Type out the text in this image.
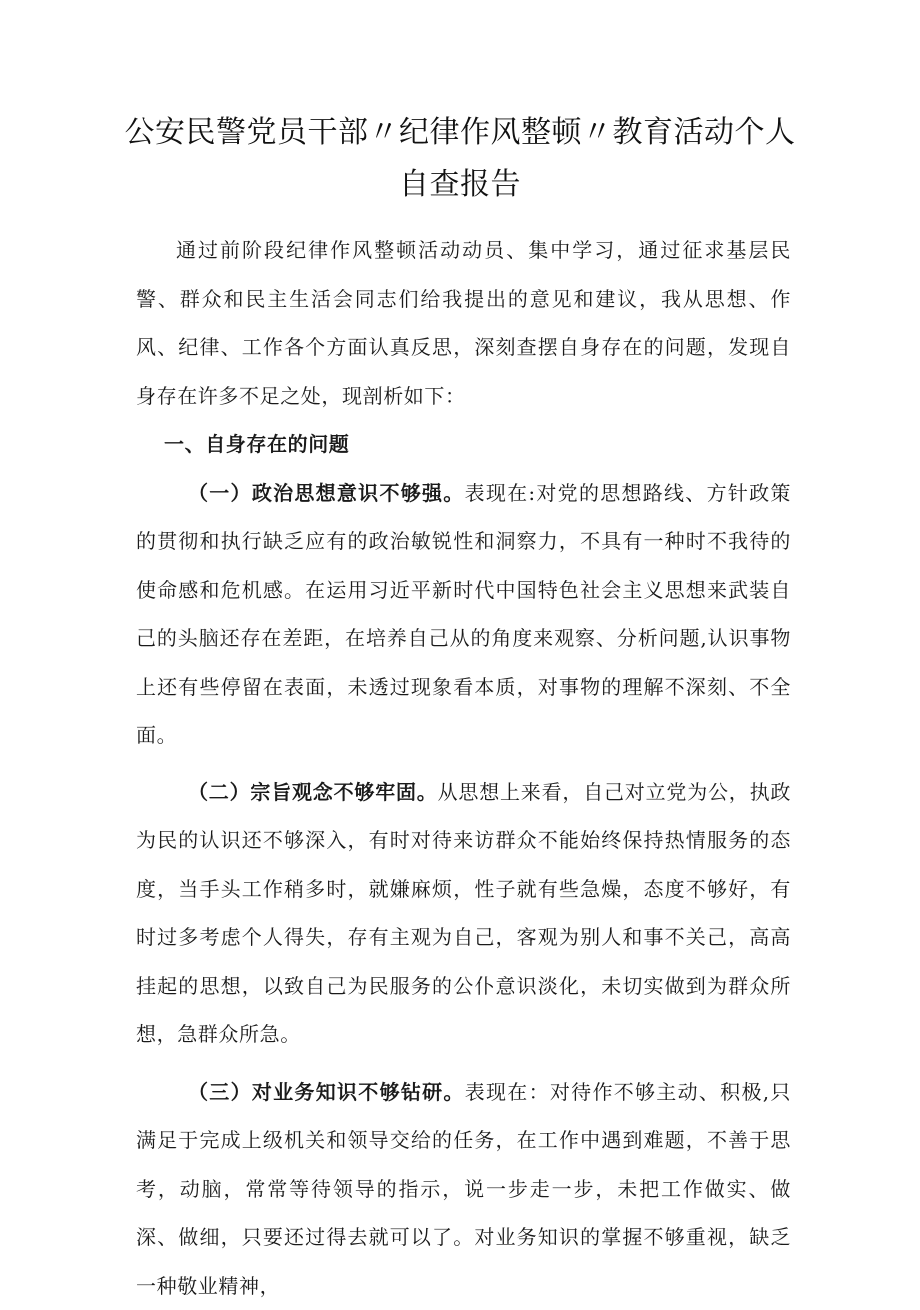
公安民警党员干部〃纪律作风整顿〃教育活动个人自查报告

通过前阶段纪律作风整顿活动动员、集中学习，通过征求基层民警、群众和民主生活会同志们给我提出的意见和建议，我从思想、作风、纪律、工作各个方面认真反思，深刻查摆自身存在的问题，发现自身存在许多不足之处，现剖析如下：

一、自身存在的问题

（一）政治思想意识不够强。表现在:对党的思想路线、方针政策的贯彻和执行缺乏应有的政治敏锐性和洞察力，不具有一种时不我待的使命感和危机感。在运用习近平新时代中国特色社会主义思想来武装自己的头脑还存在差距，在培养自己从的角度来观察、分析问题,认识事物上还有些停留在表面，未透过现象看本质，对事物的理解不深刻、不全面。

（二）宗旨观念不够牢固。从思想上来看，自己对立党为公，执政为民的认识还不够深入，有时对待来访群众不能始终保持热情服务的态度，当手头工作稍多时，就嫌麻烦，性子就有些急燥，态度不够好，有时过多考虑个人得失，存有主观为自己，客观为别人和事不关己，高高挂起的思想，以致自己为民服务的公仆意识淡化，未切实做到为群众所想，急群众所急。

（三）对业务知识不够钻研。表现在：对待作不够主动、积极,只满足于完成上级机关和领导交给的任务，在工作中遇到难题，不善于思考，动脑，常常等待领导的指示，说一步走一步，未把工作做实、做深、做细，只要还过得去就可以了。对业务知识的掌握不够重视，缺乏一种敬业精神，
